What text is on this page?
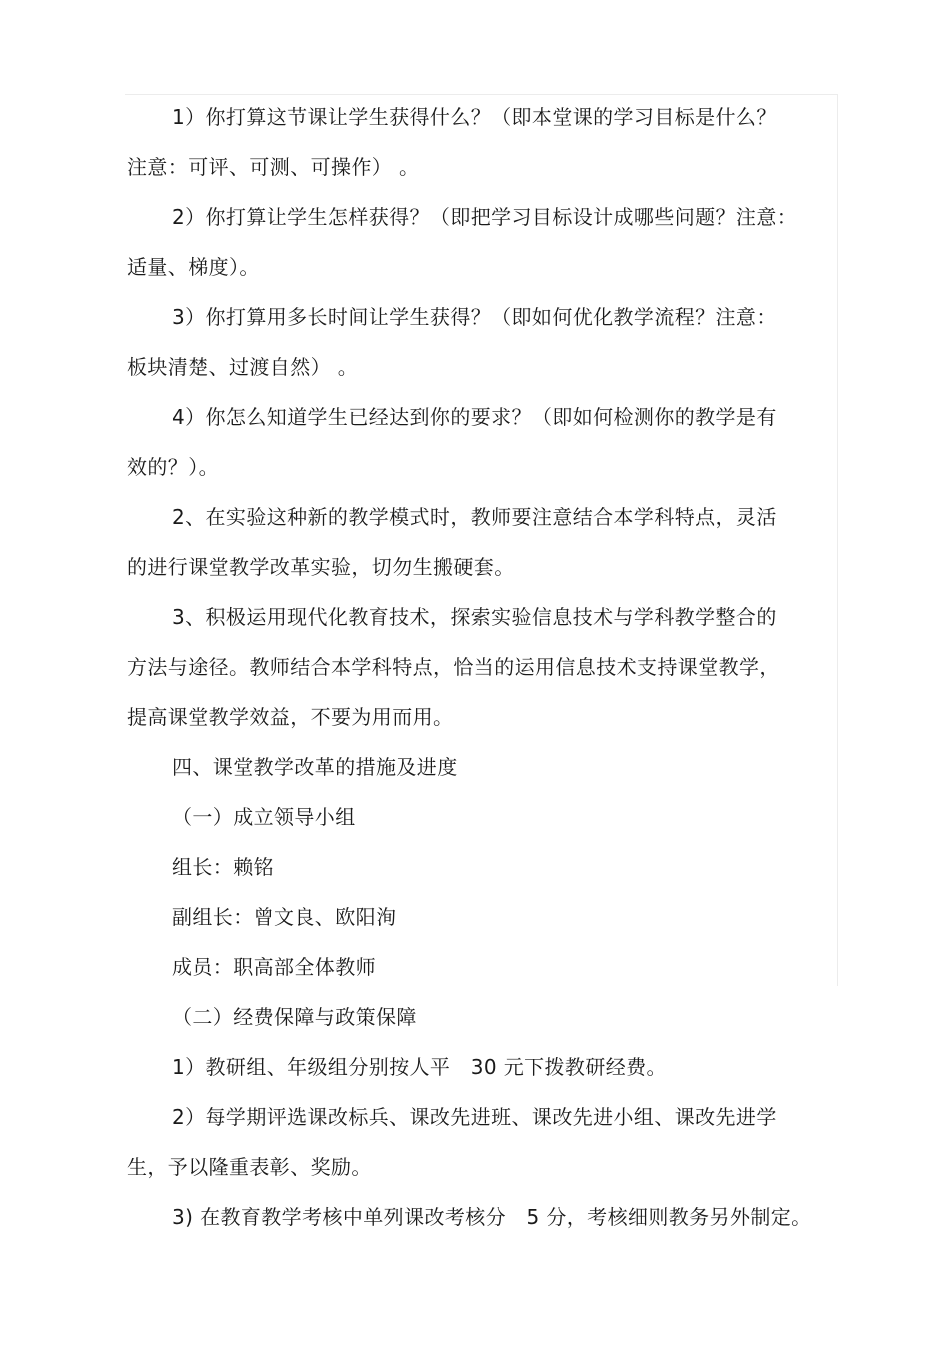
1）你打算这节课让学生获得什么？（即本堂课的学习目标是什么？
注意：可评、可测、可操作） 。
2）你打算让学生怎样获得？（即把学习目标设计成哪些问题？注意：
适量、梯度）。
3）你打算用多长时间让学生获得？（即如何优化教学流程？注意：
板块清楚、过渡自然） 。
4）你怎么知道学生已经达到你的要求？（即如何检测你的教学是有
效的？）。
2、在实验这种新的教学模式时，教师要注意结合本学科特点，灵活
的进行课堂教学改革实验，切勿生搬硬套。
3、积极运用现代化教育技术，探索实验信息技术与学科教学整合的
方法与途径。教师结合本学科特点，恰当的运用信息技术支持课堂教学，
提高课堂教学效益，不要为用而用。
四、课堂教学改革的措施及进度
（一）成立领导小组
组长：赖铭
副组长：曾文良、欧阳洵
成员：职高部全体教师
（二）经费保障与政策保障
1）教研组、年级组分别按人平　30 元下拨教研经费。
2）每学期评选课改标兵、课改先进班、课改先进小组、课改先进学
生，予以隆重表彰、奖励。
3) 在教育教学考核中单列课改考核分　5 分，考核细则教务另外制定。
